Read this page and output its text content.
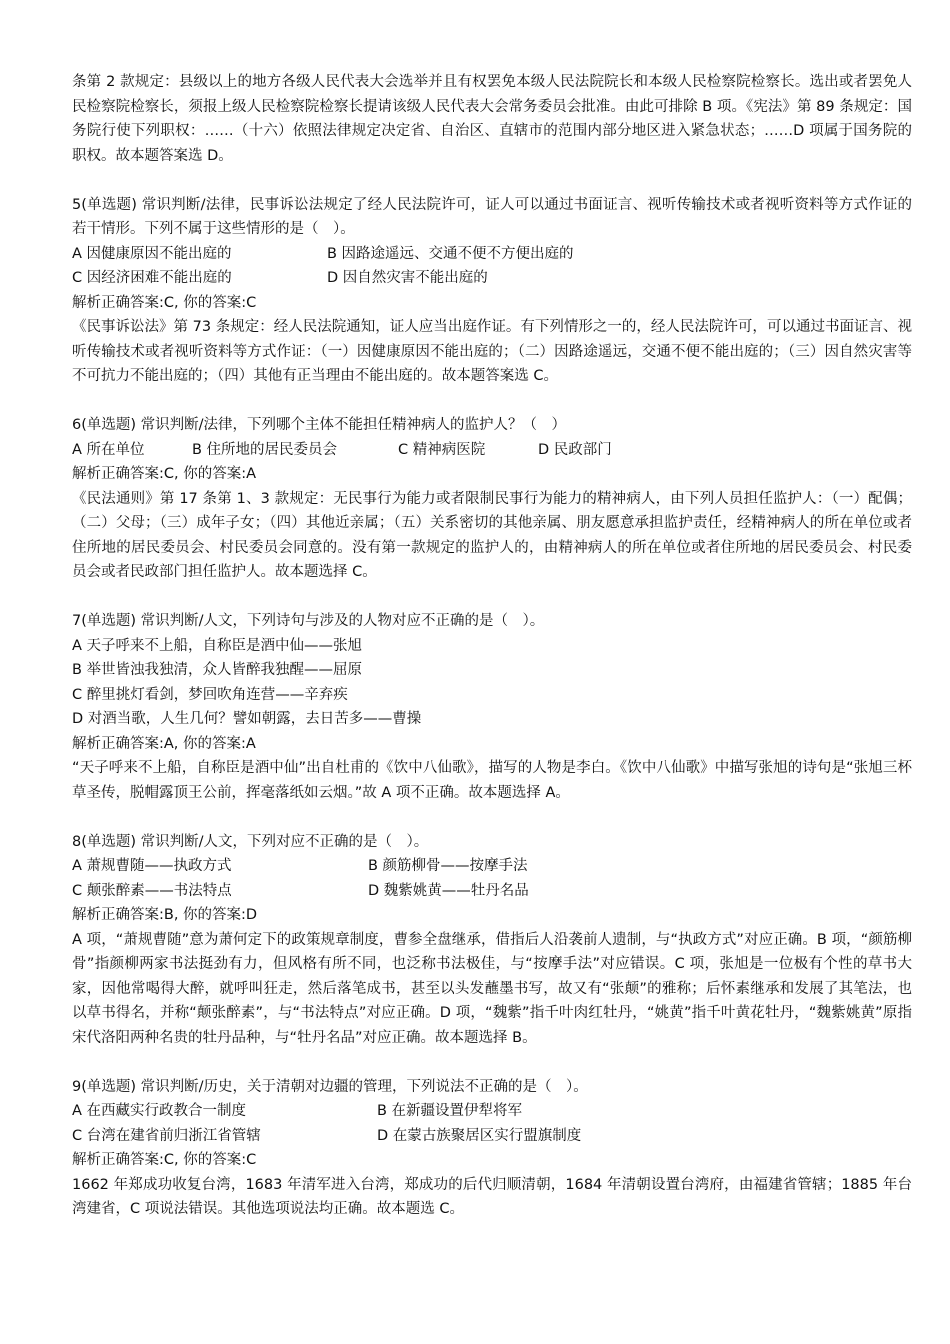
条第 2 款规定：县级以上的地方各级人民代表大会选举并且有权罢免本级人民法院院长和本级人民检察院检察长。选出或者罢免人民检察院检察长，须报上级人民检察院检察长提请该级人民代表大会常务委员会批准。由此可排除 B 项。《宪法》第 89 条规定：国务院行使下列职权：……（十六）依照法律规定决定省、自治区、直辖市的范围内部分地区进入紧急状态；……D 项属于国务院的职权。故本题答案选 D。

5(单选题) 常识判断/法律，民事诉讼法规定了经人民法院许可，证人可以通过书面证言、视听传输技术或者视听资料等方式作证的若干情形。下列不属于这些情形的是（　）。

A 因健康原因不能出庭的	B 因路途遥远、交通不便不方便出庭的
C 因经济困难不能出庭的	D 因自然灾害不能出庭的

解析正确答案:C, 你的答案:C

《民事诉讼法》第 73 条规定：经人民法院通知，证人应当出庭作证。有下列情形之一的，经人民法院许可，可以通过书面证言、视听传输技术或者视听资料等方式作证：（一）因健康原因不能出庭的；（二）因路途遥远，交通不便不能出庭的；（三）因自然灾害等不可抗力不能出庭的；（四）其他有正当理由不能出庭的。故本题答案选 C。

6(单选题) 常识判断/法律，下列哪个主体不能担任精神病人的监护人？（　）

A 所在单位	B 住所地的居民委员会	C 精神病医院	D 民政部门

解析正确答案:C, 你的答案:A

《民法通则》第 17 条第 1、3 款规定：无民事行为能力或者限制民事行为能力的精神病人，由下列人员担任监护人：（一）配偶；（二）父母；（三）成年子女；（四）其他近亲属；（五）关系密切的其他亲属、朋友愿意承担监护责任，经精神病人的所在单位或者住所地的居民委员会、村民委员会同意的。没有第一款规定的监护人的，由精神病人的所在单位或者住所地的居民委员会、村民委员会或者民政部门担任监护人。故本题选择 C。

7(单选题) 常识判断/人文，下列诗句与涉及的人物对应不正确的是（　）。

A 天子呼来不上船，自称臣是酒中仙——张旭

B 举世皆浊我独清，众人皆醉我独醒——屈原

C 醉里挑灯看剑，梦回吹角连营——辛弃疾

D 对酒当歌，人生几何？譬如朝露，去日苦多——曹操

解析正确答案:A, 你的答案:A

“天子呼来不上船，自称臣是酒中仙”出自杜甫的《饮中八仙歌》，描写的人物是李白。《饮中八仙歌》中描写张旭的诗句是“张旭三杯草圣传，脱帽露顶王公前，挥毫落纸如云烟。”故 A 项不正确。故本题选择 A。

8(单选题) 常识判断/人文，下列对应不正确的是（　）。

A 萧规曹随——执政方式	B 颜筋柳骨——按摩手法
C 颠张醉素——书法特点	D 魏紫姚黄——牡丹名品

解析正确答案:B, 你的答案:D

A 项，“萧规曹随”意为萧何定下的政策规章制度，曹参全盘继承，借指后人沿袭前人遗制，与“执政方式”对应正确。B 项，“颜筋柳骨”指颜柳两家书法挺劲有力，但风格有所不同，也泛称书法极佳，与“按摩手法”对应错误。C 项，张旭是一位极有个性的草书大家，因他常喝得大醉，就呼叫狂走，然后落笔成书，甚至以头发蘸墨书写，故又有“张颠”的雅称；后怀素继承和发展了其笔法，也以草书得名，并称“颠张醉素”，与“书法特点”对应正确。D 项，“魏紫”指千叶肉红牡丹，“姚黄”指千叶黄花牡丹，“魏紫姚黄”原指宋代洛阳两种名贵的牡丹品种，与“牡丹名品”对应正确。故本题选择 B。

9(单选题) 常识判断/历史，关于清朝对边疆的管理，下列说法不正确的是（　）。

A 在西藏实行政教合一制度	B 在新疆设置伊犁将军
C 台湾在建省前归浙江省管辖	D 在蒙古族聚居区实行盟旗制度

解析正确答案:C, 你的答案:C

1662 年郑成功收复台湾，1683 年清军进入台湾，郑成功的后代归顺清朝，1684 年清朝设置台湾府，由福建省管辖；1885 年台湾建省，C 项说法错误。其他选项说法均正确。故本题选 C。
